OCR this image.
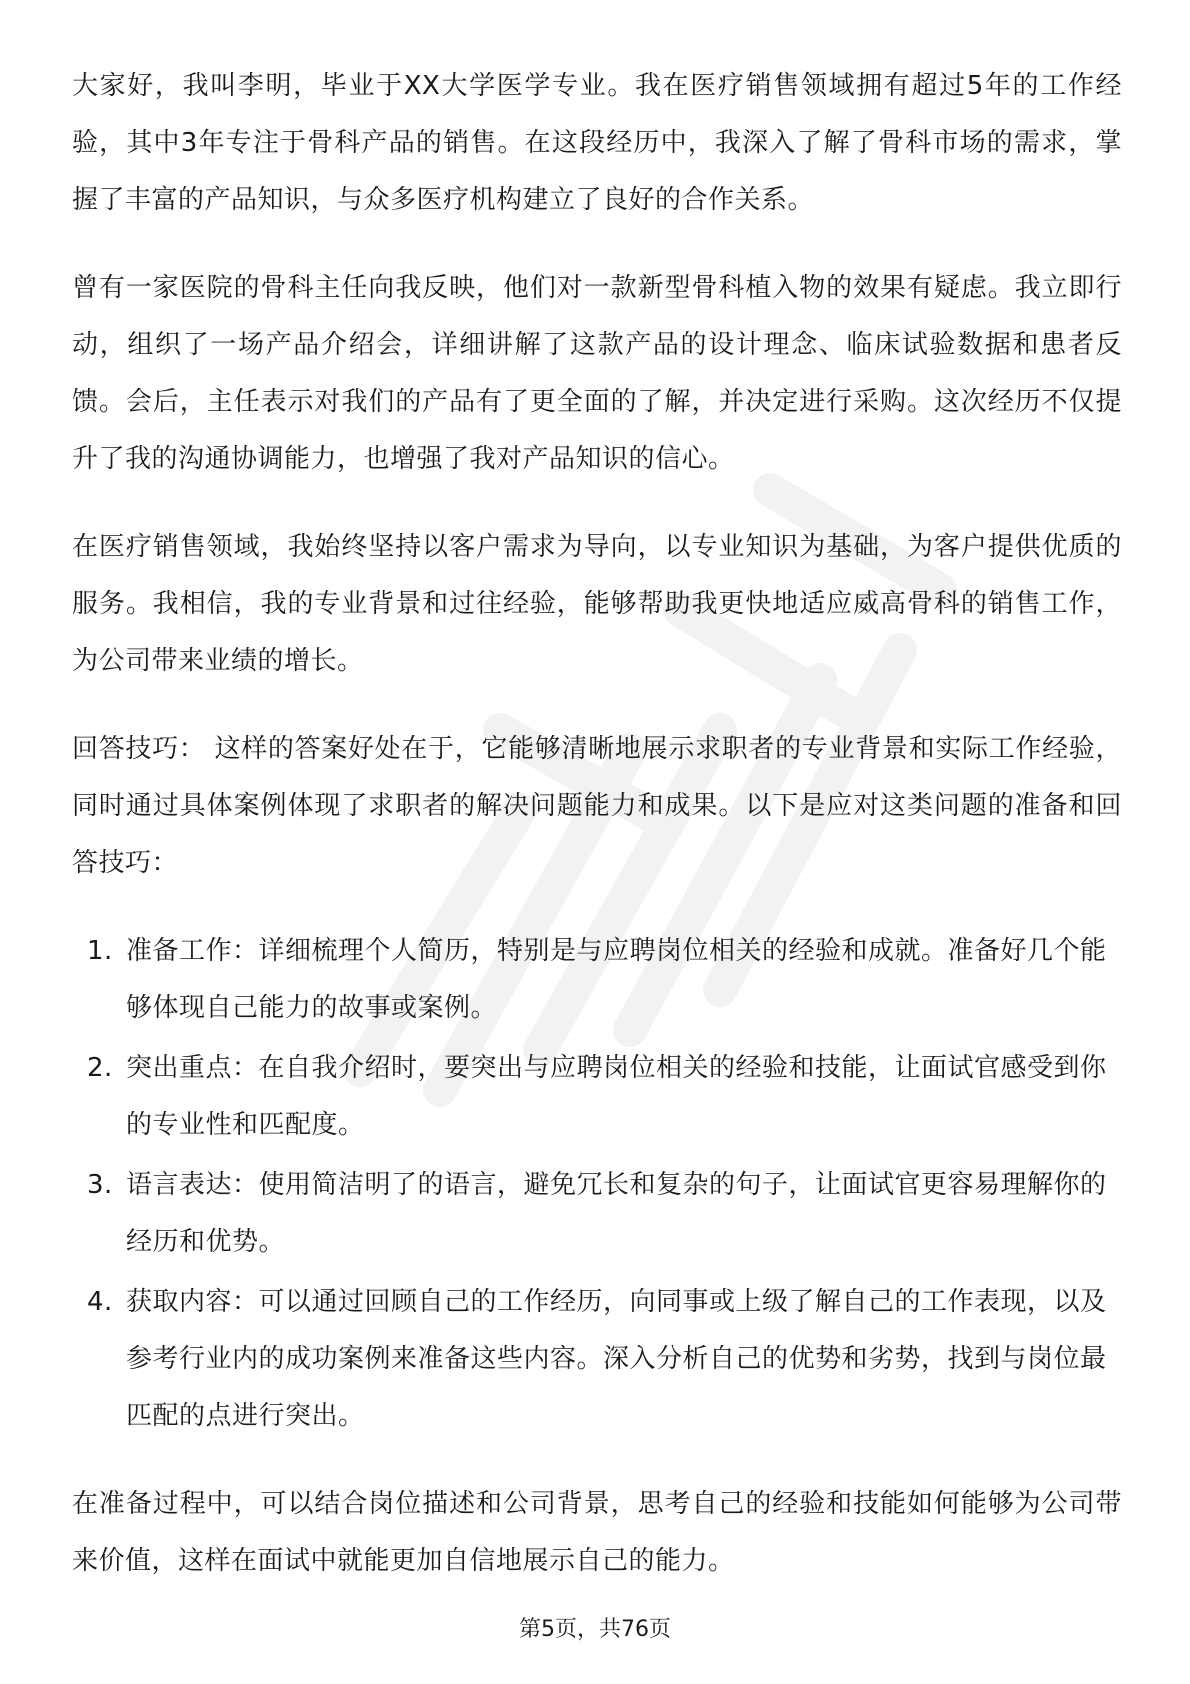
大家好，我叫李明，毕业于XX大学医学专业。我在医疗销售领域拥有超过5年的工作经验，其中3年专注于骨科产品的销售。在这段经历中，我深入了解了骨科市场的需求，掌握了丰富的产品知识，与众多医疗机构建立了良好的合作关系。

曾有一家医院的骨科主任向我反映，他们对一款新型骨科植入物的效果有疑虑。我立即行动，组织了一场产品介绍会，详细讲解了这款产品的设计理念、临床试验数据和患者反馈。会后，主任表示对我们的产品有了更全面的了解，并决定进行采购。这次经历不仅提升了我的沟通协调能力，也增强了我对产品知识的信心。

在医疗销售领域，我始终坚持以客户需求为导向，以专业知识为基础，为客户提供优质的服务。我相信，我的专业背景和过往经验，能够帮助我更快地适应威高骨科的销售工作，为公司带来业绩的增长。

回答技巧： 这样的答案好处在于，它能够清晰地展示求职者的专业背景和实际工作经验，同时通过具体案例体现了求职者的解决问题能力和成果。以下是应对这类问题的准备和回答技巧：

1. 准备工作：详细梳理个人简历，特别是与应聘岗位相关的经验和成就。准备好几个能够体现自己能力的故事或案例。
2. 突出重点：在自我介绍时，要突出与应聘岗位相关的经验和技能，让面试官感受到你的专业性和匹配度。
3. 语言表达：使用简洁明了的语言，避免冗长和复杂的句子，让面试官更容易理解你的经历和优势。
4. 获取内容：可以通过回顾自己的工作经历，向同事或上级了解自己的工作表现，以及参考行业内的成功案例来准备这些内容。深入分析自己的优势和劣势，找到与岗位最匹配的点进行突出。

在准备过程中，可以结合岗位描述和公司背景，思考自己的经验和技能如何能够为公司带来价值，这样在面试中就能更加自信地展示自己的能力。

第5页，共76页
